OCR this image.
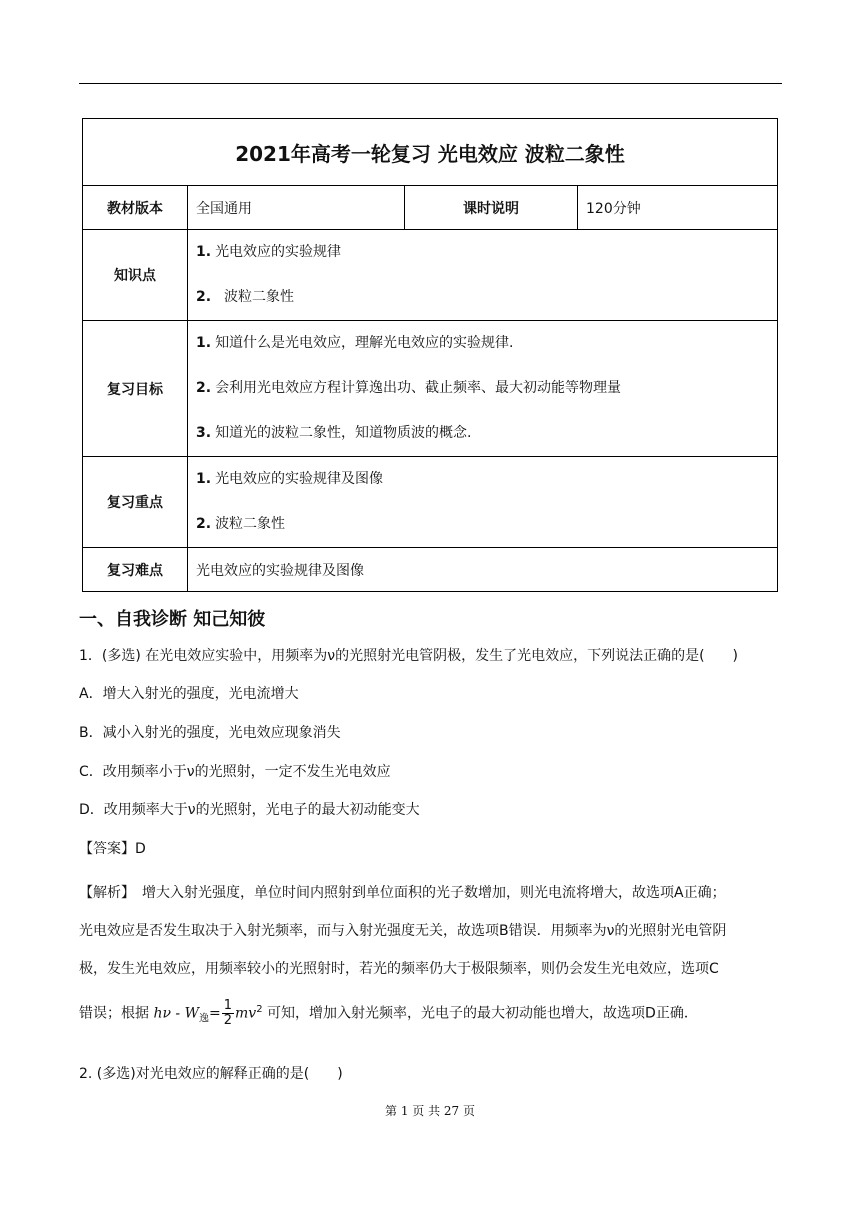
2021年高考一轮复习 光电效应 波粒二象性			
教材版本	全国通用	课时说明	120分钟
知识点	1. 光电效应的实验规律

2. 波粒二象性		

复习目标	1. 知道什么是光电效应，理解光电效应的实验规律.

2. 会利用光电效应方程计算逸出功、截止频率、最大初动能等物理量

3. 知道光的波粒二象性，知道物质波的概念.		

复习重点	1. 光电效应的实验规律及图像

2. 波粒二象性		

复习难点	光电效应的实验规律及图像		
一、自我诊断 知己知彼
1．(多选) 在光电效应实验中，用频率为ν的光照射光电管阴极，发生了光电效应，下列说法正确的是(　　)
A．增大入射光的强度，光电流增大
B．减小入射光的强度，光电效应现象消失
C．改用频率小于ν的光照射，一定不发生光电效应
D．改用频率大于ν的光照射，光电子的最大初动能变大
【答案】D

【解析】　增大入射光强度，单位时间内照射到单位面积的光子数增加，则光电流将增大，故选项A正确；

光电效应是否发生取决于入射光频率，而与入射光强度无关，故选项B错误．用频率为ν的光照射光电管阴

极，发生光电效应，用频率较小的光照射时，若光的频率仍大于极限频率，则仍会发生光电效应，选项C

错误；根据 $h\nu - W_逸= \frac{1}{2} mv^2$ 可知，增加入射光频率，光电子的最大初动能也增大，故选项D正确．

2. (多选)对光电效应的解释正确的是(　　)
第 1 页 共 27 页
